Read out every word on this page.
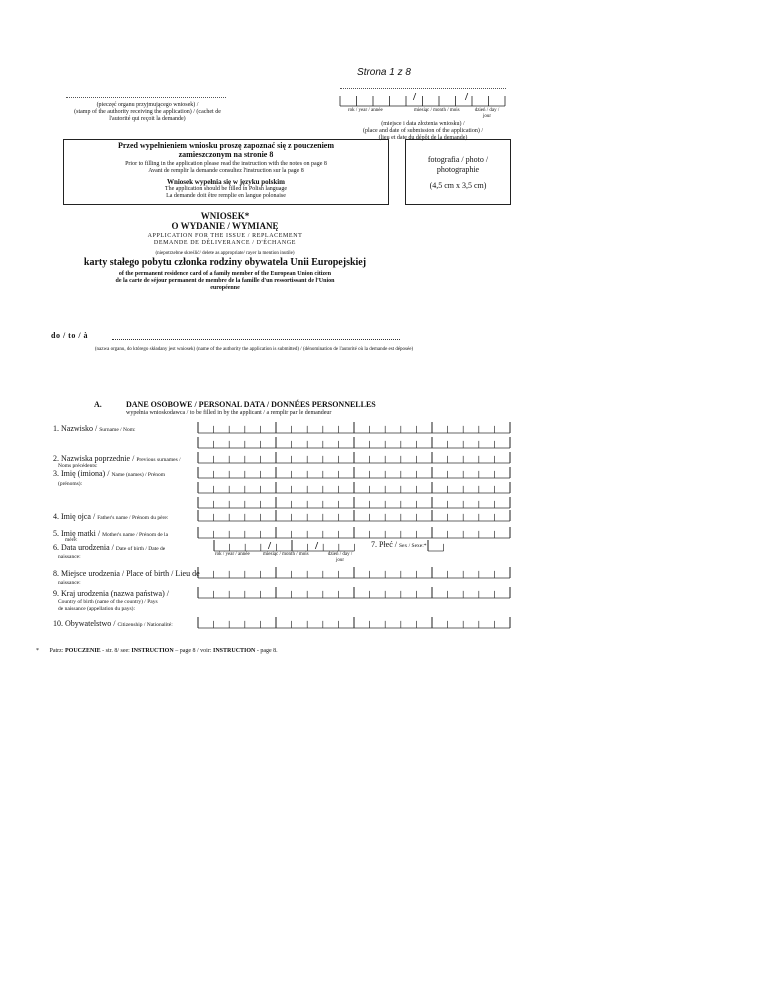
Strona 1 z 8
(pieczęć organu przyjmującego wniosek) /
(stamp of the authority receiving the application) / (cachet de
l'autorité qui reçoit la demande)
/	/
rok / year / année	miesiąc / month / mois	dzień / day / jour
(miejsce i data złożenia wniosku) /
(place and date of submission of the application) /
(lieu et date du dépôt de la demande)
Przed wypełnieniem wniosku proszę zapoznać się z pouczeniem zamieszczonym na stronie 8
Prior to filling in the application please read the instruction with the notes on page 8
Avant de remplir la demande consultez l'instruction sur la page 8
Wniosek wypełnia się w języku polskim
The application should be filled in Polish language
La demande doit être remplie en langue polonaise
fotografia / photo / photographie
(4,5 cm x 3,5 cm)
WNIOSEK*
O WYDANIE / WYMIANĘ
APPLICATION FOR THE ISSUE / REPLACEMENT
DEMANDE DE DÉLIVERANCE / D'ÉCHANGE
(niepotrzebne skreślić/ delete as appropriate/ rayer la mention inutile)
karty stałego pobytu członka rodziny obywatela Unii Europejskiej
of the permanent residence card of a family member of the European Union citizen
de la carte de séjour permanent de membre de la famille d'un ressortissant de l'Union
européenne
do / to / à
(nazwa organu, do którego składany jest wniosek) (name of the authority the application is submitted) / (dénomination de l'autorité où la demande est déposée)
A.	DANE OSOBOWE / PERSONAL DATA / DONNÉES PERSONNELLES
wypełnia wnioskodawca / to be filled in by the applicant / a remplir par le demandeur
1. Nazwisko / Surname / Nom:
2. Nazwiska poprzednie / Previous surnames /
Noms précédents:
3. Imię (imiona) / Name (names) / Prénom
(prénoms):
4. Imię ojca / Father's name / Prénom du père:
5. Imię matki / Mother's name / Prénom de la
mère:
6. Data urodzenia / Date of birth / Date de
naissance:
/	/
rok / year / année	miesiąc / month / mois	dzień / day / jour
7. Płeć / Sex / Sexe:*
8. Miejsce urodzenia / Place of birth / Lieu de
naissance:
9. Kraj urodzenia (nazwa państwa) /
Country of birth (name of the country) / Pays
de naissance (appellation du pays):
10. Obywatelstwo / Citizenship / Nationalité:
* Patrz: POUCZENIE - str. 8/ see: INSTRUCTION – page 8 / voir: INSTRUCTION - page 8.
